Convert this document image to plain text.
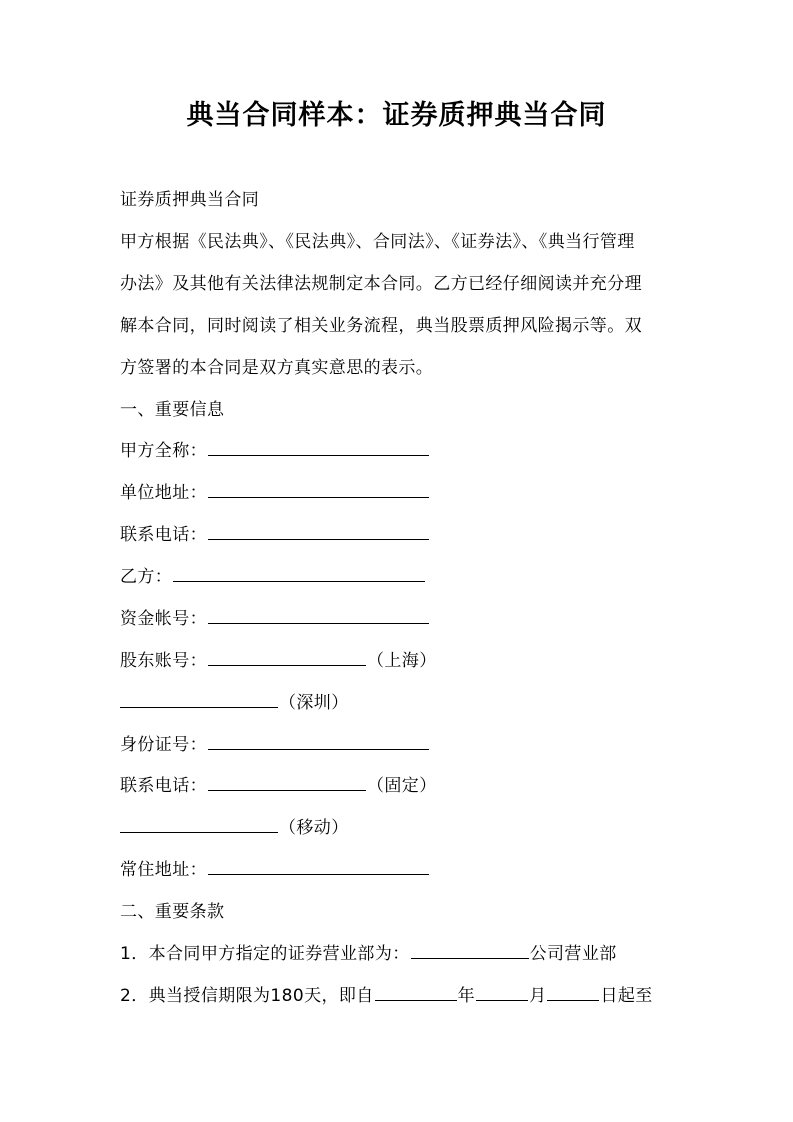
典当合同样本：证券质押典当合同
证券质押典当合同
甲方根据《民法典》、《民法典》、合同法》、《证券法》、《典当行管理
办法》及其他有关法律法规制定本合同。乙方已经仔细阅读并充分理
解本合同，同时阅读了相关业务流程，典当股票质押风险揭示等。双
方签署的本合同是双方真实意思的表示。
一、重要信息
甲方全称：
单位地址：
联系电话：
乙方：
资金帐号：
股东账号：	（上海）
（深圳）
身份证号：
联系电话：	（固定）
（移动）
常住地址：
二、重要条款
1．本合同甲方指定的证券营业部为：	公司营业部
2．典当授信期限为180天，即自	年	月	日起至
